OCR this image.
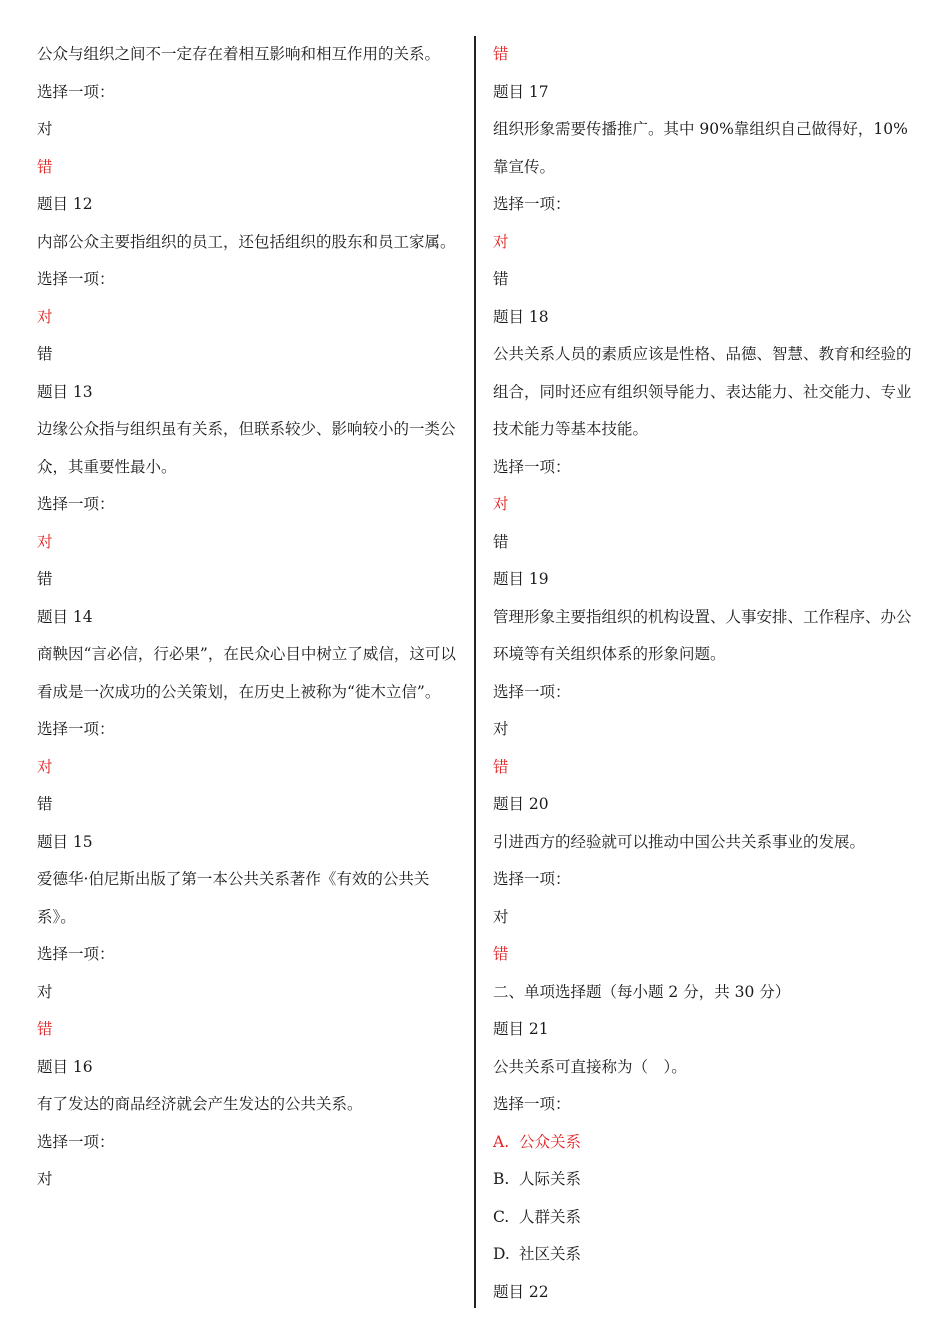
公众与组织之间不一定存在着相互影响和相互作用的关系。
选择一项：
对
错
题目 12
内部公众主要指组织的员工，还包括组织的股东和员工家属。
选择一项：
对
错
题目 13
边缘公众指与组织虽有关系，但联系较少、影响较小的一类公众，其重要性最小。
选择一项：
对
错
题目 14
商鞅因“言必信，行必果”，在民众心目中树立了威信，这可以看成是一次成功的公关策划，在历史上被称为“徙木立信”。
选择一项：
对
错
题目 15
爱德华·伯尼斯出版了第一本公共关系著作《有效的公共关系》。
选择一项：
对
错
题目 16
有了发达的商品经济就会产生发达的公共关系。
选择一项：
对
错
题目 17
组织形象需要传播推广。其中 90%靠组织自己做得好，10%靠宣传。
选择一项：
对
错
题目 18
公共关系人员的素质应该是性格、品德、智慧、教育和经验的组合，同时还应有组织领导能力、表达能力、社交能力、专业技术能力等基本技能。
选择一项：
对
错
题目 19
管理形象主要指组织的机构设置、人事安排、工作程序、办公环境等有关组织体系的形象问题。
选择一项：
对
错
题目 20
引进西方的经验就可以推动中国公共关系事业的发展。
选择一项：
对
错
二、单项选择题（每小题 2 分，共 30 分）
题目 21
公共关系可直接称为（　）。
选择一项：
A. 公众关系
B. 人际关系
C. 人群关系
D. 社区关系
题目 22
